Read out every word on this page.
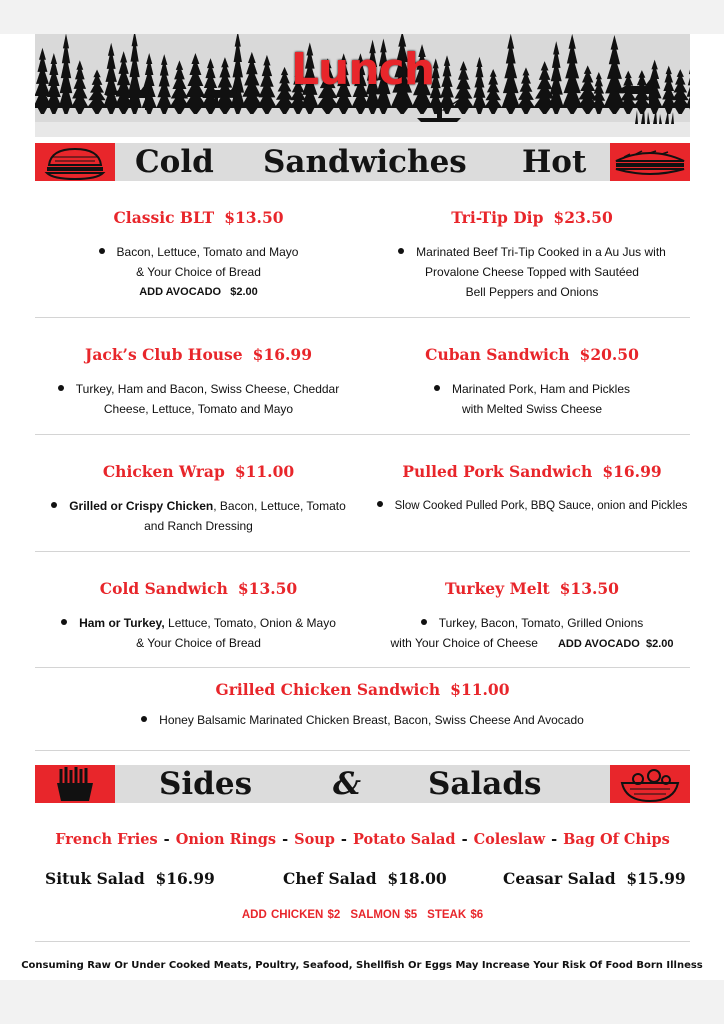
Lunch
Cold Sandwiches Hot
Classic BLT $13.50
Bacon, Lettuce, Tomato and Mayo
& Your Choice of Bread
ADD AVOCADO $2.00
Tri-Tip Dip $23.50
Marinated Beef Tri-Tip Cooked in a Au Jus with
Provalone Cheese Topped with Sautéed
Bell Peppers and Onions
Jack’s Club House $16.99
Turkey, Ham and Bacon, Swiss Cheese, Cheddar
Cheese, Lettuce, Tomato and Mayo
Cuban Sandwich $20.50
Marinated Pork, Ham and Pickles
with Melted Swiss Cheese
Chicken Wrap $11.00
Grilled or Crispy Chicken, Bacon, Lettuce, Tomato
and Ranch Dressing
Pulled Pork Sandwich $16.99
Slow Cooked Pulled Pork, BBQ Sauce, onion and Pickles
Cold Sandwich $13.50
Ham or Turkey, Lettuce, Tomato, Onion & Mayo
& Your Choice of Bread
Turkey Melt $13.50
Turkey, Bacon, Tomato, Grilled Onions
with Your Choice of Cheese ADD AVOCADO $2.00
Grilled Chicken Sandwich $11.00
Honey Balsamic Marinated Chicken Breast, Bacon, Swiss Cheese And Avocado
Sides	& Salads
French Fries - Onion Rings - Soup - Potato Salad - Coleslaw - Bag Of Chips
Situk Salad $16.99	Chef Salad $18.00	Ceasar Salad $15.99
ADD CHICKEN $2 SALMON $5 STEAK $6
Consuming Raw Or Under Cooked Meats, Poultry, Seafood, Shellfish Or Eggs May Increase Your Risk Of Food Born Illness
